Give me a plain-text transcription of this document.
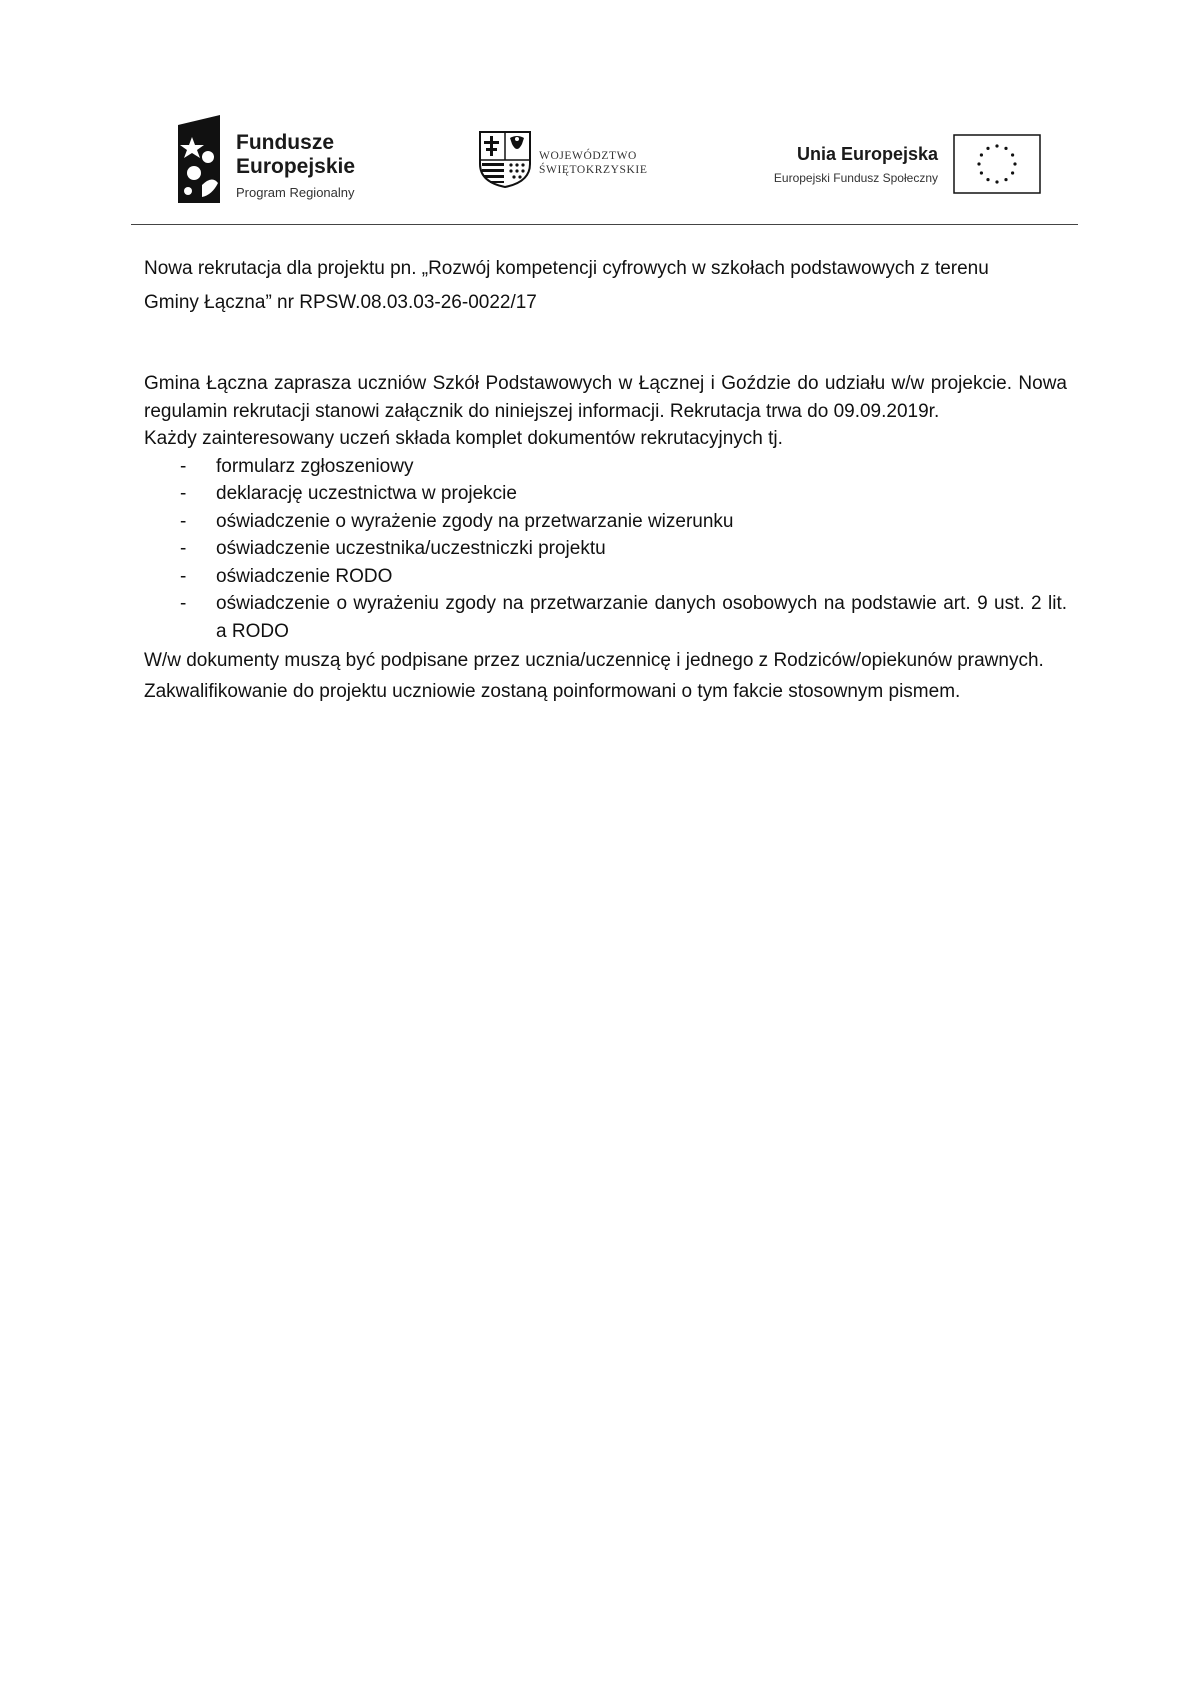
Fundusze
Europejskie
Program Regionalny
WOJEWÓDZTWO
ŚWIĘTOKRZYSKIE
Unia Europejska
Europejski Fundusz Społeczny

Nowa rekrutacja dla projektu pn. „Rozwój kompetencji cyfrowych w szkołach podstawowych z terenu

Gminy Łączna” nr RPSW.08.03.03-26-0022/17

Gmina Łączna zaprasza uczniów Szkół Podstawowych w Łącznej i Goździe do udziału w/w projekcie. Nowa regulamin rekrutacji stanowi załącznik do niniejszej informacji. Rekrutacja trwa do 09.09.2019r.

Każdy zainteresowany uczeń składa komplet dokumentów rekrutacyjnych tj.

- formularz zgłoszeniowy
- deklarację uczestnictwa w projekcie
- oświadczenie o wyrażenie zgody na przetwarzanie wizerunku
- oświadczenie uczestnika/uczestniczki projektu
- oświadczenie RODO
- oświadczenie o wyrażeniu zgody na przetwarzanie danych osobowych na podstawie art. 9 ust. 2 lit. a RODO

W/w dokumenty muszą być podpisane przez ucznia/uczennicę i jednego z Rodziców/opiekunów prawnych.

Zakwalifikowanie do projektu uczniowie zostaną poinformowani o tym fakcie stosownym pismem.
